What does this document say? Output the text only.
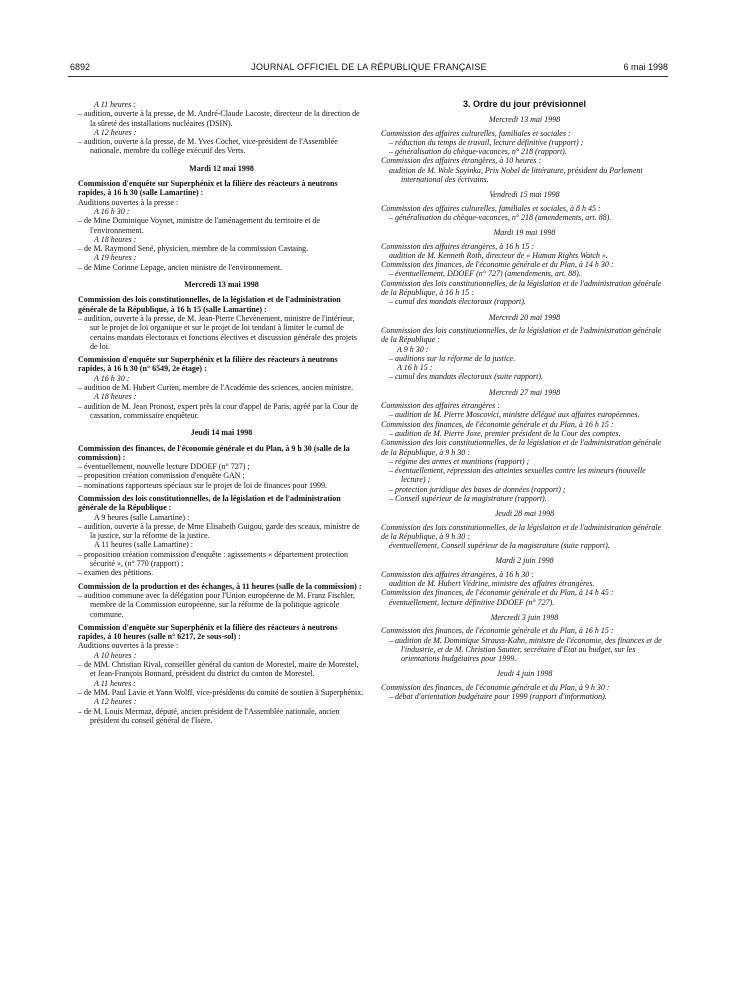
6892	JOURNAL OFFICIEL DE LA RÉPUBLIQUE FRANÇAISE	6 mai 1998

A 11 heures :

– audition, ouverte à la presse, de M. André-Claude Lacoste, directeur de la direction de la sûreté des installations nucléaires (DSIN).

A 12 heures :

– audition, ouverte à la presse, de M. Yves Cochet, vice-président de l'Assemblée nationale, membre du collège exécutif des Verts.

Mardi 12 mai 1998

Commission d'enquête sur Superphénix et la filière des réacteurs à neutrons rapides, à 16 h 30 (salle Lamartine) :

Auditions ouvertes à la presse :

A 16 h 30 :

– de Mme Dominique Voynet, ministre de l'aménagement du territoire et de l'environnement.

A 18 heures :

– de M. Raymond Sené, physicien, membre de la commission Castaing.

A 19 heures :

– de Mme Corinne Lepage, ancien ministre de l'environnement.

Mercredi 13 mai 1998

Commission des lois constitutionnelles, de la législation et de l'administration générale de la République, à 16 h 15 (salle Lamartine) :

– audition, ouverte à la presse, de M. Jean-Pierre Chevènement, ministre de l'intérieur, sur le projet de loi organique et sur le projet de loi tendant à limiter le cumul de certains mandats électoraux et fonctions électives et discussion générale des projets de loi.

Commission d'enquête sur Superphénix et la filière des réacteurs à neutrons rapides, à 16 h 30 (n° 6549, 2e étage) :

A 16 h 30 :

– audition de M. Hubert Curien, membre de l'Académie des sciences, ancien ministre.

A 18 heures :

– audition de M. Jean Pronost, expert près la cour d'appel de Paris, agréé par la Cour de cassation, commissaire enquêteur.

Jeudi 14 mai 1998

Commission des finances, de l'économie générale et du Plan, à 9 h 30 (salle de la commission) :

– éventuellement, nouvelle lecture DDOEF (n° 727) ;

– proposition création commission d'enquête GAN ;

– nominations rapporteurs spéciaux sur le projet de loi de finances pour 1999.

Commission des lois constitutionnelles, de la législation et de l'administration générale de la République :

A 9 heures (salle Lamartine) :

– audition, ouverte à la presse, de Mme Elisabeth Guigou, garde des sceaux, ministre de la justice, sur la réforme de la justice.

A 11 heures (salle Lamartine) :

– proposition création commission d'enquête : agissements « département protection sécurité », (n° 770 (rapport) ;

– examen des pétitions.

Commission de la production et des échanges, à 11 heures (salle de la commission) :

– audition commune avec la délégation pour l'Union européenne de M. Franz Fischler, membre de la Commission européenne, sur la réforme de la politique agricole commune.

Commission d'enquête sur Superphénix et la filière des réacteurs à neutrons rapides, à 10 heures (salle n° 6217, 2e sous-sol) :

Auditions ouvertes à la presse :

A 10 heures :

– de MM. Christian Rival, conseiller général du canton de Morestel, maire de Morestel, et Jean-François Bonnard, président du district du canton de Morestel.

A 11 heures :

– de MM. Paul Lavie et Yann Wolff, vice-présidents du comité de soutien à Superphénix.

A 12 heures :

– de M. Louis Mermaz, député, ancien président de l'Assemblée nationale, ancien président du conseil général de l'Isère.

3. Ordre du jour prévisionnel

Mercredi 13 mai 1998

Commission des affaires culturelles, familiales et sociales :

– réduction du temps de travail, lecture définitive (rapport) ;

– généralisation du chèque-vacances, n° 218 (rapport).

Commission des affaires étrangères, à 10 heures :

audition de M. Wole Soyinka, Prix Nobel de littérature, président du Parlement international des écrivains.

Vendredi 15 mai 1998

Commission des affaires culturelles, familiales et sociales, à 8 h 45 :

– généralisation du chèque-vacances, n° 218 (amendements, art. 88).

Mardi 19 mai 1998

Commission des affaires étrangères, à 16 h 15 :

audition de M. Kenneth Roth, directeur de « Human Rights Watch ».

Commission des finances, de l'économie générale et du Plan, à 14 h 30 :

– éventuellement, DDOEF (n° 727) (amendements, art. 88).

Commission des lois constitutionnelles, de la législation et de l'administration générale de la République, à 16 h 15 :

– cumul des mandats électoraux (rapport).

Mercredi 20 mai 1998

Commission des lois constitutionnelles, de la législation et de l'administration générale de la République :

A 9 h 30 :

– auditions sur la réforme de la justice.

A 16 h 15 :

– cumul des mandats électoraux (suite rapport).

Mercredi 27 mai 1998

Commission des affaires étrangères :

– audition de M. Pierre Moscovici, ministre délégué aux affaires européennes.

Commission des finances, de l'économie générale et du Plan, à 16 h 15 :

– audition de M. Pierre Joxe, premier président de la Cour des comptes.

Commission des lois constitutionnelles, de la législation et de l'administration générale de la République, à 9 h 30 :

– régime des armes et munitions (rapport) ;

– éventuellement, répression des atteintes sexuelles contre les mineurs (nouvelle lecture) ;

– protection juridique des bases de données (rapport) ;

– Conseil supérieur de la magistrature (rapport).

Jeudi 28 mai 1998

Commission des lois constitutionnelles, de la législation et de l'administration générale de la République, à 9 h 30 :

éventuellement, Conseil supérieur de la magistrature (suite rapport).

Mardi 2 juin 1998

Commission des affaires étrangères, à 16 h 30 :

audition de M. Hubert Védrine, ministre des affaires étrangères.

Commission des finances, de l'économie générale et du Plan, à 14 h 45 :

éventuellement, lecture définitive DDOEF (n° 727).

Mercredi 3 juin 1998

Commission des finances, de l'économie générale et du Plan, à 16 h 15 :

– audition de M. Dominique Strauss-Kahn, ministre de l'économie, des finances et de l'industrie, et de M. Christian Sautter, secrétaire d'Etat au budget, sur les orientations budgétaires pour 1999.

Jeudi 4 juin 1998

Commission des finances, de l'économie générale et du Plan, à 9 h 30 :

– débat d'orientation budgétaire pour 1999 (rapport d'information).
